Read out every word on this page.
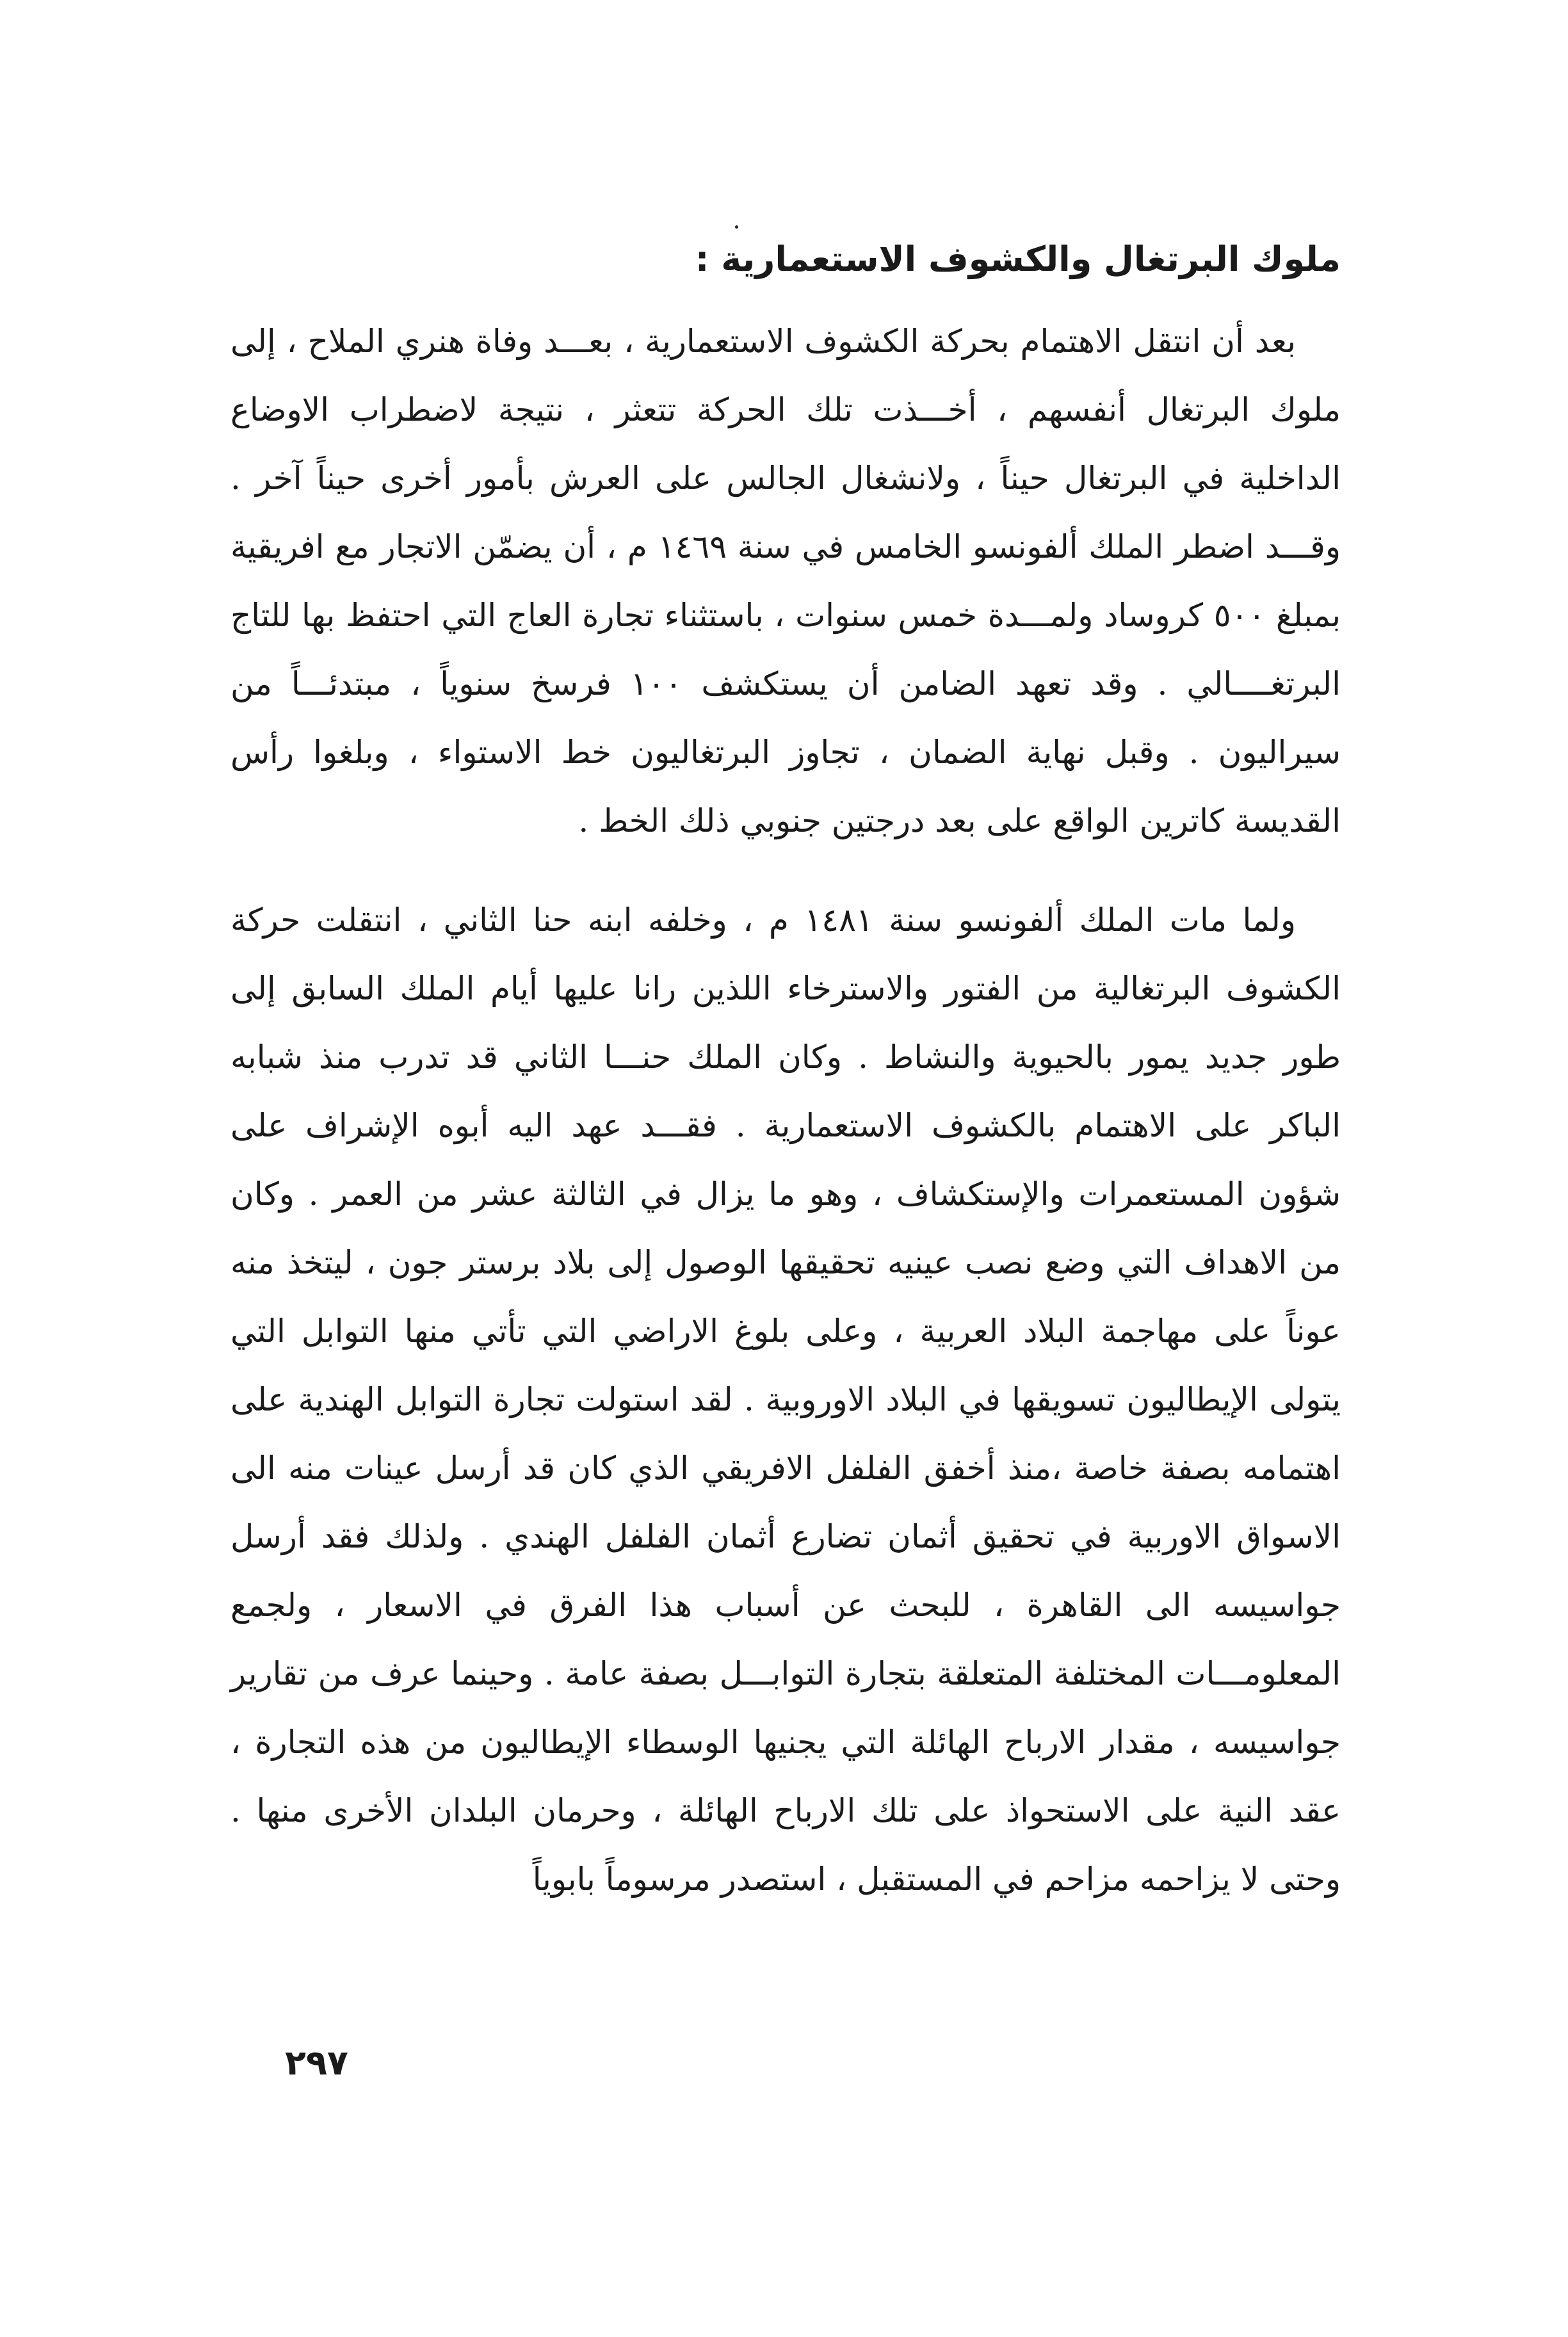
ملوك البرتغال والكشوف الاستعمارية :

بعد أن انتقل الاهتمام بحركة الكشوف الاستعمارية ، بعـــد وفاة هنري الملاح ، إلى ملوك البرتغال أنفسهم ، أخـــذت تلك الحركة تتعثر ، نتيجة لاضطراب الاوضاع الداخلية في البرتغال حيناً ، ولانشغال الجالس على العرش بأمور أخرى حيناً آخر . وقـــد اضطر الملك ألفونسو الخامس في سنة ١٤٦٩ م ، أن يضمّن الاتجار مع افريقية بمبلغ ٥٠٠ كروساد ولمـــدة خمس سنوات ، باستثناء تجارة العاج التي احتفظ بها للتاج البرتغــــالي . وقد تعهد الضامن أن يستكشف ١٠٠ فرسخ سنوياً ، مبتدئـــاً من سيراليون . وقبل نهاية الضمان ، تجاوز البرتغاليون خط الاستواء ، وبلغوا رأس القديسة كاترين الواقع على بعد درجتين جنوبي ذلك الخط .

ولما مات الملك ألفونسو سنة ١٤٨١ م ، وخلفه ابنه حنا الثاني ، انتقلت حركة الكشوف البرتغالية من الفتور والاسترخاء اللذين رانا عليها أيام الملك السابق إلى طور جديد يمور بالحيوية والنشاط . وكان الملك حنـــا الثاني قد تدرب منذ شبابه الباكر على الاهتمام بالكشوف الاستعمارية . فقـــد عهد اليه أبوه الإشراف على شؤون المستعمرات والإستكشاف ، وهو ما يزال في الثالثة عشر من العمر . وكان من الاهداف التي وضع نصب عينيه تحقيقها الوصول إلى بلاد برستر جون ، ليتخذ منه عوناً على مهاجمة البلاد العربية ، وعلى بلوغ الاراضي التي تأتي منها التوابل التي يتولى الإيطاليون تسويقها في البلاد الاوروبية . لقد استولت تجارة التوابل الهندية على اهتمامه بصفة خاصة ،منذ أخفق الفلفل الافريقي الذي كان قد أرسل عينات منه الى الاسواق الاوربية في تحقيق أثمان تضارع أثمان الفلفل الهندي . ولذلك فقد أرسل جواسيسه الى القاهرة ، للبحث عن أسباب هذا الفرق في الاسعار ، ولجمع المعلومـــات المختلفة المتعلقة بتجارة التوابـــل بصفة عامة . وحينما عرف من تقارير جواسيسه ، مقدار الارباح الهائلة التي يجنيها الوسطاء الإيطاليون من هذه التجارة ، عقد النية على الاستحواذ على تلك الارباح الهائلة ، وحرمان البلدان الأخرى منها . وحتى لا يزاحمه مزاحم في المستقبل ، استصدر مرسوماً بابوياً

٢٩٧
